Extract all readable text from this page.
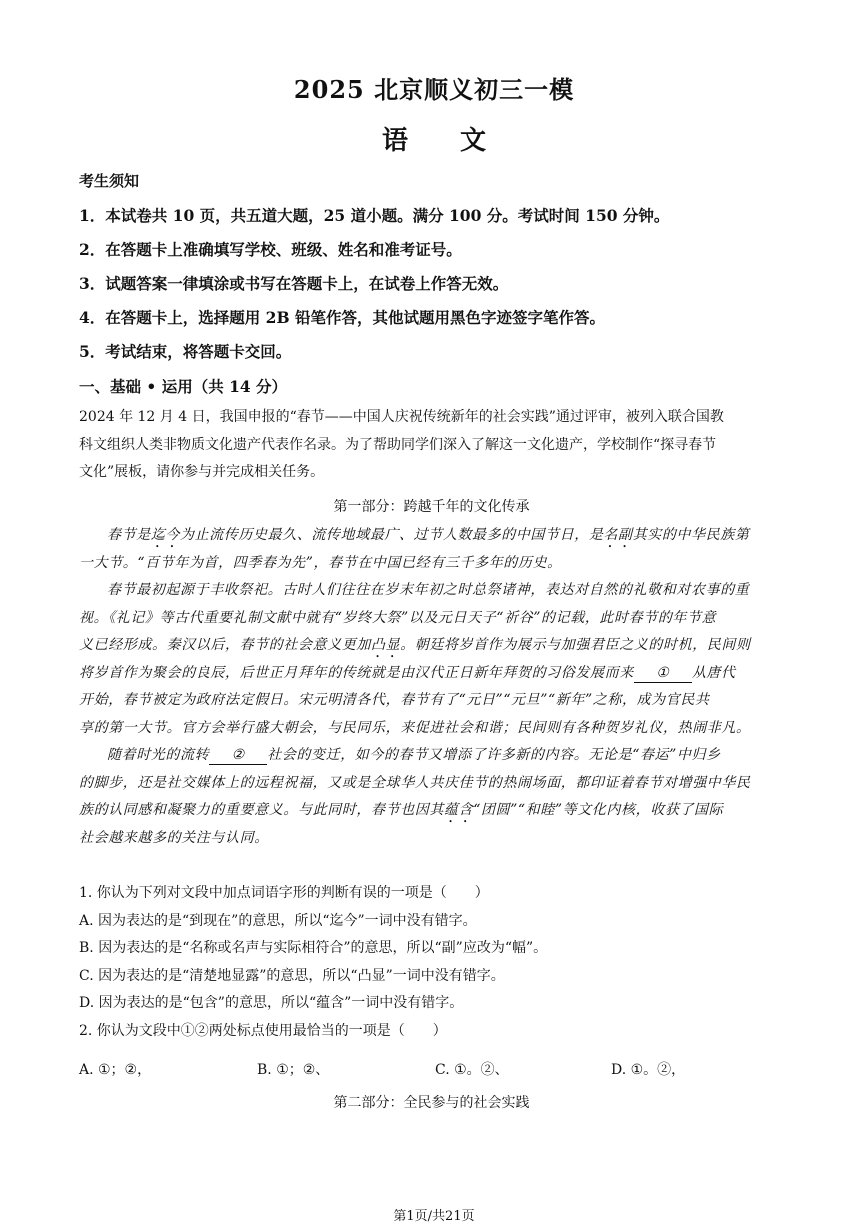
2025 北京顺义初三一模
语文
考生须知
1．本试卷共 10 页，共五道大题，25 道小题。满分 100 分。考试时间 150 分钟。
2．在答题卡上准确填写学校、班级、姓名和准考证号。
3．试题答案一律填涂或书写在答题卡上，在试卷上作答无效。
4．在答题卡上，选择题用 2B 铅笔作答，其他试题用黑色字迹签字笔作答。
5．考试结束，将答题卡交回。
一、基础 • 运用（共 14 分）
2024 年 12 月 4 日，我国申报的“春节——中国人庆祝传统新年的社会实践”通过评审，被列入联合国教
科文组织人类非物质文化遗产代表作名录。为了帮助同学们深入了解这一文化遗产，学校制作“探寻春节
文化”展板，请你参与并完成相关任务。
第一部分：跨越千年的文化传承
春节是迄今为止流传历史最久、流传地域最广、过节人数最多的中国节日，是名副其实的中华民族第
一大节。“百节年为首，四季春为先”，春节在中国已经有三千多年的历史。
春节最初起源于丰收祭祀。古时人们往往在岁末年初之时总祭诸神，表达对自然的礼敬和对农事的重
视。《礼记》等古代重要礼制文献中就有“岁终大祭”以及元日天子“祈谷”的记载，此时春节的年节意
义已经形成。秦汉以后，春节的社会意义更加凸显。朝廷将岁首作为展示与加强君臣之义的时机，民间则
将岁首作为聚会的良辰，后世正月拜年的传统就是由汉代正日新年拜贺的习俗发展而来 ① 从唐代
开始，春节被定为政府法定假日。宋元明清各代，春节有了“元日”“元旦”“新年”之称，成为官民共
享的第一大节。官方会举行盛大朝会，与民同乐，来促进社会和谐；民间则有各种贺岁礼仪，热闹非凡。
随着时光的流转 ② 社会的变迁，如今的春节又增添了许多新的内容。无论是“春运”中归乡
的脚步，还是社交媒体上的远程祝福，又或是全球华人共庆佳节的热闹场面，都印证着春节对增强中华民
族的认同感和凝聚力的重要意义。与此同时，春节也因其蕴含“团圆”“和睦”等文化内核，收获了国际
社会越来越多的关注与认同。
1. 你认为下列对文段中加点词语字形的判断有误的一项是（　　）
A. 因为表达的是“到现在”的意思，所以“迄今”一词中没有错字。
B. 因为表达的是“名称或名声与实际相符合”的意思，所以“副”应改为“幅”。
C. 因为表达的是“清楚地显露”的意思，所以“凸显”一词中没有错字。
D. 因为表达的是“包含”的意思，所以“蕴含”一词中没有错字。
2. 你认为文段中①②两处标点使用最恰当的一项是（　　）
A. ①；②，	B. ①；②、	C. ①。②、	D. ①。②，
第二部分：全民参与的社会实践
第1页/共21页
